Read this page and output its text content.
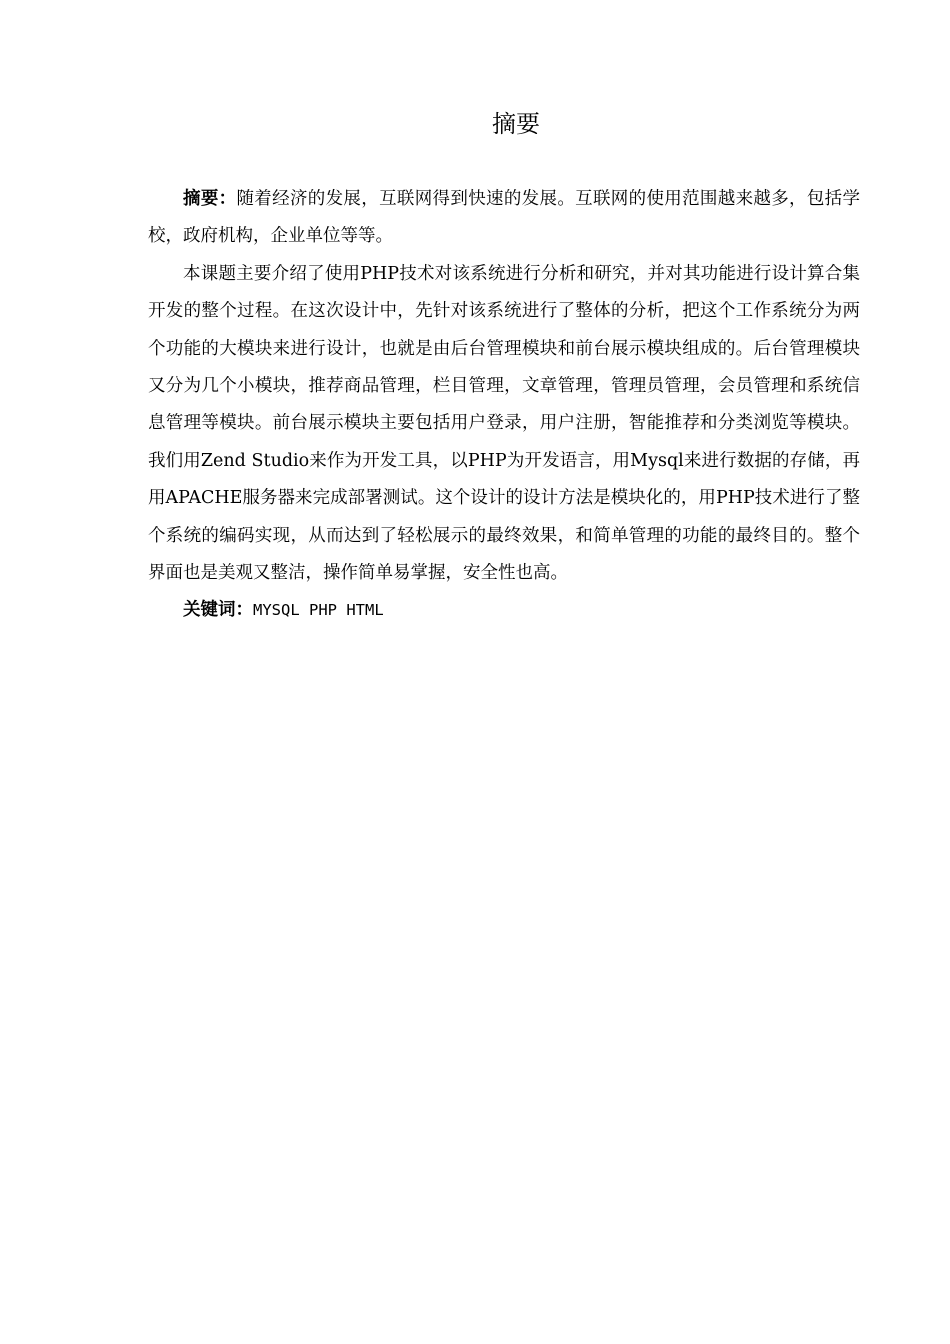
摘要

摘要：随着经济的发展，互联网得到快速的发展。互联网的使用范围越来越多，包括学校，政府机构，企业单位等等。

本课题主要介绍了使用PHP技术对该系统进行分析和研究，并对其功能进行设计算合集开发的整个过程。在这次设计中，先针对该系统进行了整体的分析，把这个工作系统分为两个功能的大模块来进行设计，也就是由后台管理模块和前台展示模块组成的。后台管理模块又分为几个小模块，推荐商品管理，栏目管理，文章管理，管理员管理，会员管理和系统信息管理等模块。前台展示模块主要包括用户登录，用户注册，智能推荐和分类浏览等模块。我们用Zend Studio来作为开发工具，以PHP为开发语言，用Mysql来进行数据的存储，再用APACHE服务器来完成部署测试。这个设计的设计方法是模块化的，用PHP技术进行了整个系统的编码实现，从而达到了轻松展示的最终效果，和简单管理的功能的最终目的。整个界面也是美观又整洁，操作简单易掌握，安全性也高。

关键词：MYSQL PHP HTML
